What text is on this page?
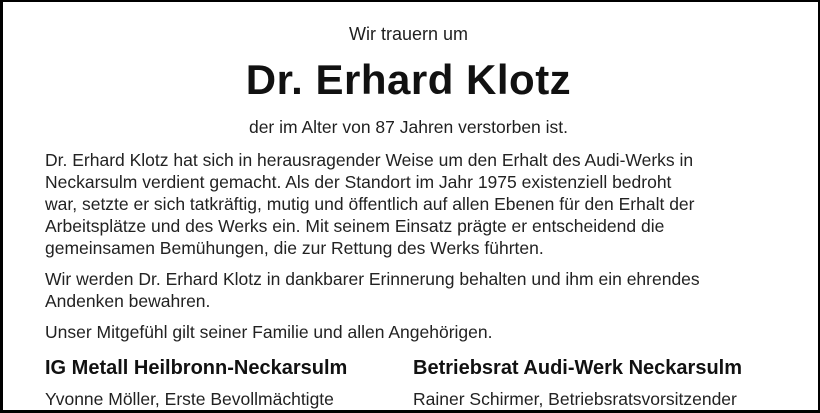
Wir trauern um
Dr. Erhard Klotz
der im Alter von 87 Jahren verstorben ist.

Dr. Erhard Klotz hat sich in herausragender Weise um den Erhalt des Audi-Werks in
Neckarsulm verdient gemacht. Als der Standort im Jahr 1975 existenziell bedroht
war, setzte er sich tatkräftig, mutig und öffentlich auf allen Ebenen für den Erhalt der
Arbeitsplätze und des Werks ein. Mit seinem Einsatz prägte er entscheidend die
gemeinsamen Bemühungen, die zur Rettung des Werks führten.

Wir werden Dr. Erhard Klotz in dankbarer Erinnerung behalten und ihm ein ehrendes
Andenken bewahren.

Unser Mitgefühl gilt seiner Familie und allen Angehörigen.

IG Metall Heilbronn-Neckarsulm
Yvonne Möller, Erste Bevollmächtigte
Betriebsrat Audi-Werk Neckarsulm
Rainer Schirmer, Betriebsratsvorsitzender
